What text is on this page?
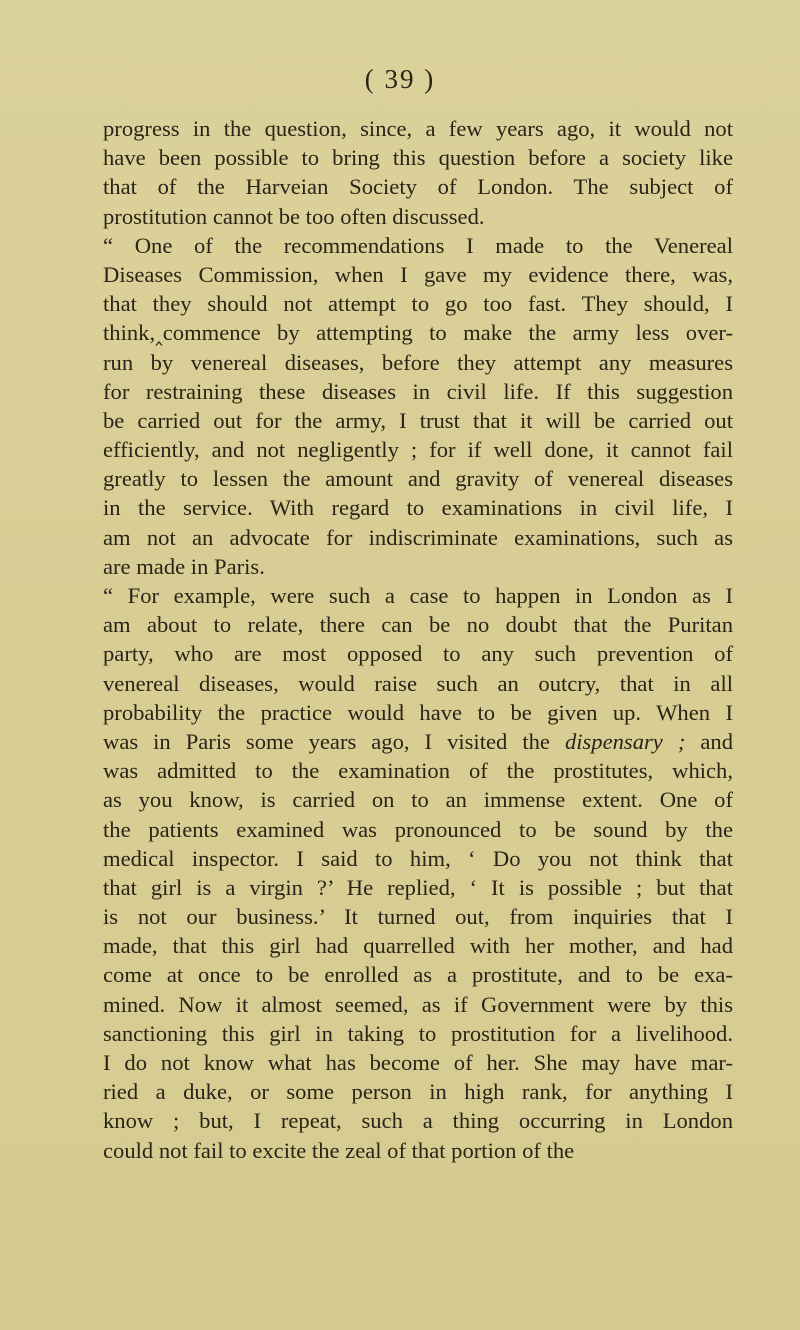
( 39 )
progress in the question, since, a few years ago, it would not
have been possible to bring this question before a society like
that of the Harveian Society of London. The subject of
prostitution cannot be too often discussed.
“ One of the recommendations I made to the Venereal
Diseases Commission, when I gave my evidence there, was,
that they should not attempt to go too fast. They should, I
think,‸commence by attempting to make the army less over-
run by venereal diseases, before they attempt any measures
for restraining these diseases in civil life. If this suggestion
be carried out for the army, I trust that it will be carried out
efficiently, and not negligently ; for if well done, it cannot fail
greatly to lessen the amount and gravity of venereal diseases
in the service. With regard to examinations in civil life, I
am not an advocate for indiscriminate examinations, such as
are made in Paris.
“ For example, were such a case to happen in London as I
am about to relate, there can be no doubt that the Puritan
party, who are most opposed to any such prevention of
venereal diseases, would raise such an outcry, that in all
probability the practice would have to be given up. When I
was in Paris some years ago, I visited the dispensary ; and
was admitted to the examination of the prostitutes, which,
as you know, is carried on to an immense extent. One of
the patients examined was pronounced to be sound by the
medical inspector. I said to him, ‘ Do you not think that
that girl is a virgin ?’ He replied, ‘ It is possible ; but that
is not our business.’ It turned out, from inquiries that I
made, that this girl had quarrelled with her mother, and had
come at once to be enrolled as a prostitute, and to be exa-
mined. Now it almost seemed, as if Government were by this
sanctioning this girl in taking to prostitution for a livelihood.
I do not know what has become of her. She may have mar-
ried a duke, or some person in high rank, for anything I
know ; but, I repeat, such a thing occurring in London
could not fail to excite the zeal of that portion of the
